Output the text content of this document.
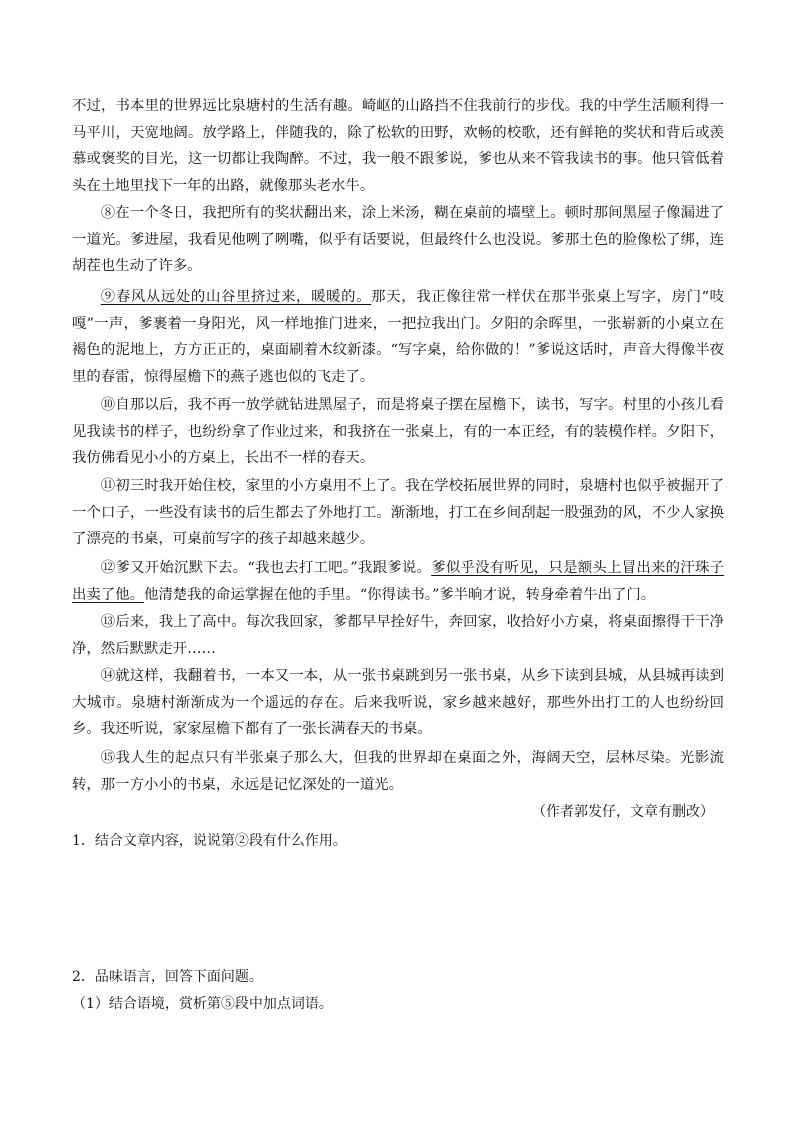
不过，书本里的世界远比泉塘村的生活有趣。崎岖的山路挡不住我前行的步伐。我的中学生活顺利得一马平川，天宽地阔。放学路上，伴随我的，除了松软的田野，欢畅的校歌，还有鲜艳的奖状和背后或羡慕或褒奖的目光，这一切都让我陶醉。不过，我一般不跟爹说，爹也从来不管我读书的事。他只管低着头在土地里找下一年的出路，就像那头老水牛。

⑧在一个冬日，我把所有的奖状翻出来，涂上米汤，糊在桌前的墙壁上。顿时那间黑屋子像漏进了一道光。爹进屋，我看见他咧了咧嘴，似乎有话要说，但最终什么也没说。爹那土色的脸像松了绑，连胡茬也生动了许多。

⑨春风从远处的山谷里挤过来，暖暖的。那天，我正像往常一样伏在那半张桌上写字，房门“吱嘎”一声，爹裹着一身阳光，风一样地推门进来，一把拉我出门。夕阳的余晖里，一张崭新的小桌立在褐色的泥地上，方方正正的，桌面刷着木纹新漆。“写字桌，给你做的！”爹说这话时，声音大得像半夜里的春雷，惊得屋檐下的燕子逃也似的飞走了。

⑩自那以后，我不再一放学就钻进黑屋子，而是将桌子摆在屋檐下，读书，写字。村里的小孩儿看见我读书的样子，也纷纷拿了作业过来，和我挤在一张桌上，有的一本正经，有的装模作样。夕阳下，我仿佛看见小小的方桌上，长出不一样的春天。

⑪初三时我开始住校，家里的小方桌用不上了。我在学校拓展世界的同时，泉塘村也似乎被掘开了一个口子，一些没有读书的后生都去了外地打工。渐渐地，打工在乡间刮起一股强劲的风，不少人家换了漂亮的书桌，可桌前写字的孩子却越来越少。

⑫爹又开始沉默下去。“我也去打工吧。”我跟爹说。爹似乎没有听见，只是额头上冒出来的汗珠子出卖了他。他清楚我的命运掌握在他的手里。“你得读书。”爹半晌才说，转身牵着牛出了门。

⑬后来，我上了高中。每次我回家，爹都早早拴好牛，奔回家，收拾好小方桌，将桌面擦得干干净净，然后默默走开……

⑭就这样，我翻着书，一本又一本，从一张书桌跳到另一张书桌，从乡下读到县城，从县城再读到大城市。泉塘村渐渐成为一个遥远的存在。后来我听说，家乡越来越好，那些外出打工的人也纷纷回乡。我还听说，家家屋檐下都有了一张长满春天的书桌。

⑮我人生的起点只有半张桌子那么大，但我的世界却在桌面之外，海阔天空，层林尽染。光影流转，那一方小小的书桌，永远是记忆深处的一道光。

（作者郭发仔，文章有删改）

1．结合文章内容，说说第②段有什么作用。

2．品味语言，回答下面问题。

（1）结合语境，赏析第⑤段中加点词语。
